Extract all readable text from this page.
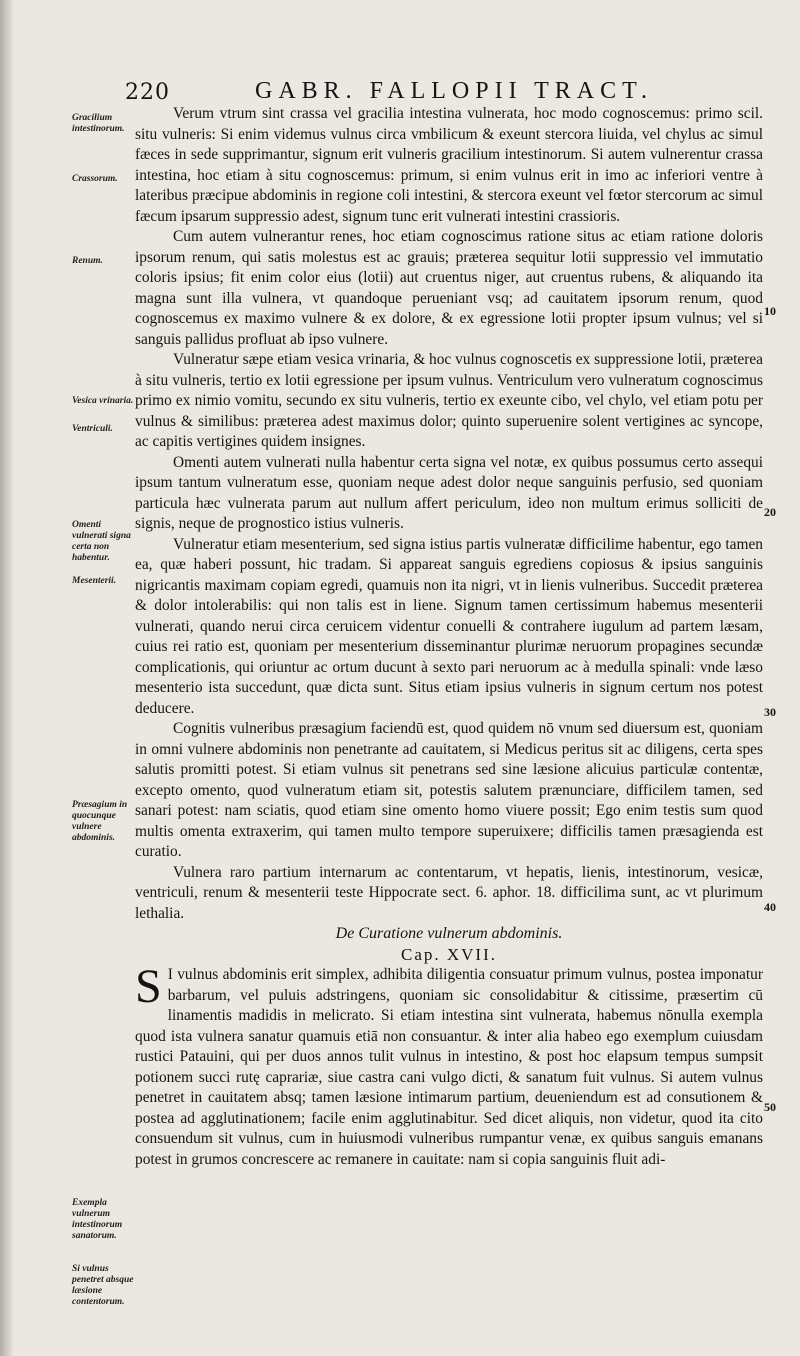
220	GABR. FALLOPII TRACT.
Gracilium intestinorum.
Crassorum.
Renum.
Vesica vrinaria.
Ventriculi.
Omenti vulnerati signa certa non habentur.
Mesenterii.
Præsagium in quocunque vulnere abdominis.
Exempla vulnerum intestinorum sanatorum.
Si vulnus penetret absque læsione contentorum.
10
20
30
40
50

Verum vtrum sint crassa vel gracilia intestina vulnerata, hoc modo cognoscemus: primo scil. situ vulneris: Si enim videmus vulnus circa vmbilicum & exeunt stercora liuida, vel chylus ac simul fæces in sede supprimantur, signum erit vulneris gracilium intestinorum. Si autem vulnerentur crassa intestina, hoc etiam à situ cognoscemus: primum, si enim vulnus erit in imo ac inferiori ventre à lateribus præcipue abdominis in regione coli intestini, & stercora exeunt vel fœtor stercorum ac simul fæcum ipsarum suppressio adest, signum tunc erit vulnerati intestini crassioris.

Cum autem vulnerantur renes, hoc etiam cognoscimus ratione situs ac etiam ratione doloris ipsorum renum, qui satis molestus est ac grauis; præterea sequitur lotii suppressio vel immutatio coloris ipsius; fit enim color eius (lotii) aut cruentus niger, aut cruentus rubens, & aliquando ita magna sunt illa vulnera, vt quandoque perueniant vsq; ad cauitatem ipsorum renum, quod cognoscemus ex maximo vulnere & ex dolore, & ex egressione lotii propter ipsum vulnus; vel si sanguis pallidus profluat ab ipso vulnere.

Vulneratur sæpe etiam vesica vrinaria, & hoc vulnus cognoscetis ex suppressione lotii, præterea à situ vulneris, tertio ex lotii egressione per ipsum vulnus. Ventriculum vero vulneratum cognoscimus primo ex nimio vomitu, secundo ex situ vulneris, tertio ex exeunte cibo, vel chylo, vel etiam potu per vulnus & similibus: præterea adest maximus dolor; quinto superuenire solent vertigines ac syncope, ac capitis vertigines quidem insignes.

Omenti autem vulnerati nulla habentur certa signa vel notæ, ex quibus possumus certo assequi ipsum tantum vulneratum esse, quoniam neque adest dolor neque sanguinis perfusio, sed quoniam particula hæc vulnerata parum aut nullum affert periculum, ideo non multum erimus solliciti de signis, neque de prognostico istius vulneris.

Vulneratur etiam mesenterium, sed signa istius partis vulneratæ difficilime habentur, ego tamen ea, quæ haberi possunt, hic tradam. Si appareat sanguis egrediens copiosus & ipsius sanguinis nigricantis maximam copiam egredi, quamuis non ita nigri, vt in lienis vulneribus. Succedit præterea & dolor intolerabilis: qui non talis est in liene. Signum tamen certissimum habemus mesenterii vulnerati, quando nerui circa ceruicem videntur conuelli & contrahere iugulum ad partem læsam, cuius rei ratio est, quoniam per mesenterium disseminantur plurimæ neruorum propagines secundæ complicationis, qui oriuntur ac ortum ducunt à sexto pari neruorum ac à medulla spinali: vnde læso mesenterio ista succedunt, quæ dicta sunt. Situs etiam ipsius vulneris in signum certum nos potest deducere.

Cognitis vulneribus præsagium faciendū est, quod quidem nō vnum sed diuersum est, quoniam in omni vulnere abdominis non penetrante ad cauitatem, si Medicus peritus sit ac diligens, certa spes salutis promitti potest. Si etiam vulnus sit penetrans sed sine læsione alicuius particulæ contentæ, excepto omento, quod vulneratum etiam sit, potestis salutem prænunciare, difficilem tamen, sed sanari potest: nam sciatis, quod etiam sine omento homo viuere possit; Ego enim testis sum quod multis omenta extraxerim, qui tamen multo tempore superuixere; difficilis tamen præsagienda est curatio.

Vulnera raro partium internarum ac contentarum, vt hepatis, lienis, intestinorum, vesicæ, ventriculi, renum & mesenterii teste Hippocrate sect. 6. aphor. 18. difficilima sunt, ac vt plurimum lethalia.

De Curatione vulnerum abdominis.

Cap. XVII.

S I vulnus abdominis erit simplex, adhibita diligentia consuatur primum vulnus, postea imponatur barbarum, vel puluis adstringens, quoniam sic consolidabitur & citissime, præsertim cū linamentis madidis in melicrato. Si etiam intestina sint vulnerata, habemus nōnulla exempla quod ista vulnera sanatur quamuis etiā non consuantur. & inter alia habeo ego exemplum cuiusdam rustici Patauini, qui per duos annos tulit vulnus in intestino, & post hoc elapsum tempus sumpsit potionem succi rutę caprariæ, siue castra cani vulgo dicti, & sanatum fuit vulnus. Si autem vulnus penetret in cauitatem absq; tamen læsione intimarum partium, deueniendum est ad consutionem & postea ad agglutinationem; facile enim agglutinabitur. Sed dicet aliquis, non videtur, quod ita cito consuendum sit vulnus, cum in huiusmodi vulneribus rumpantur venæ, ex quibus sanguis emanans potest in grumos concrescere ac remanere in cauitate: nam si copia sanguinis fluit adi-
